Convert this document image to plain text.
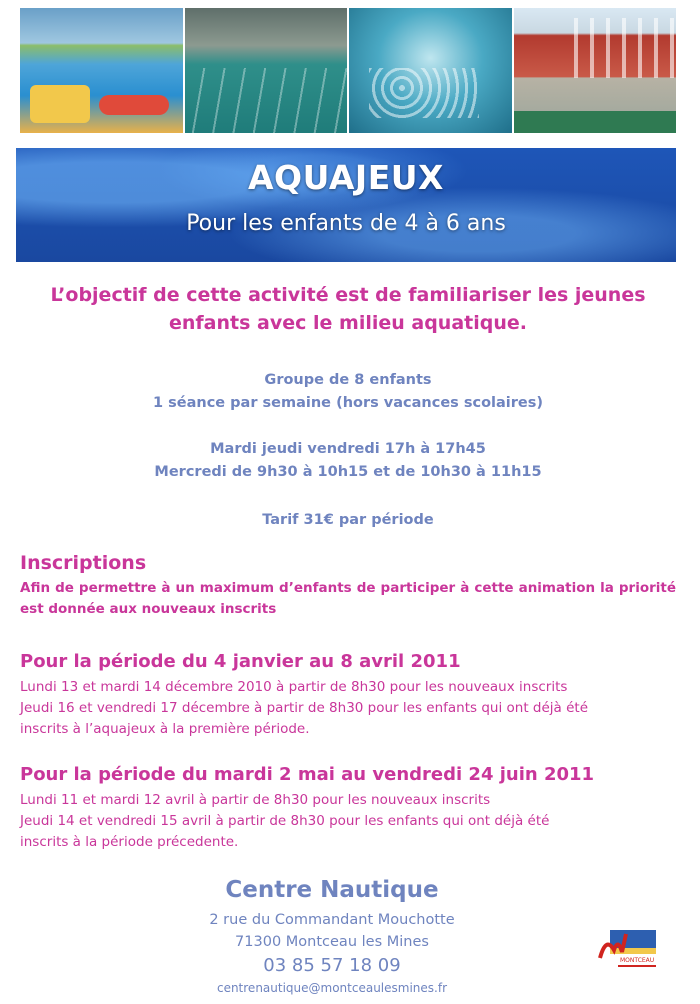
AQUAJEUX
Pour les enfants de 4 à 6 ans
L’objectif de cette activité est de familiariser les jeunes
enfants avec le milieu aquatique.
Groupe de 8 enfants
1 séance par semaine (hors vacances scolaires)
Mardi jeudi vendredi 17h à 17h45
Mercredi de 9h30 à 10h15 et de 10h30 à 11h15
Tarif 31€ par période
Inscriptions
Afin de permettre à un maximum d’enfants de participer à cette animation la priorité est donnée aux nouveaux inscrits
Pour la période du 4 janvier au 8 avril 2011
Lundi 13 et mardi 14 décembre 2010 à partir de 8h30 pour les nouveaux inscrits
Jeudi 16 et vendredi 17 décembre à partir de 8h30 pour les enfants qui ont déjà été
inscrits à l’aquajeux à la première période.
Pour la période du mardi 2 mai au vendredi 24 juin 2011
Lundi 11 et mardi 12 avril à partir de 8h30 pour les nouveaux inscrits
Jeudi 14 et vendredi 15 avril à partir de 8h30 pour les enfants qui ont déjà été
inscrits à la période précedente.
Centre Nautique
2 rue du Commandant Mouchotte
71300 Montceau les Mines
03 85 57 18 09
centrenautique@montceaulesmines.fr
MONTCEAU
